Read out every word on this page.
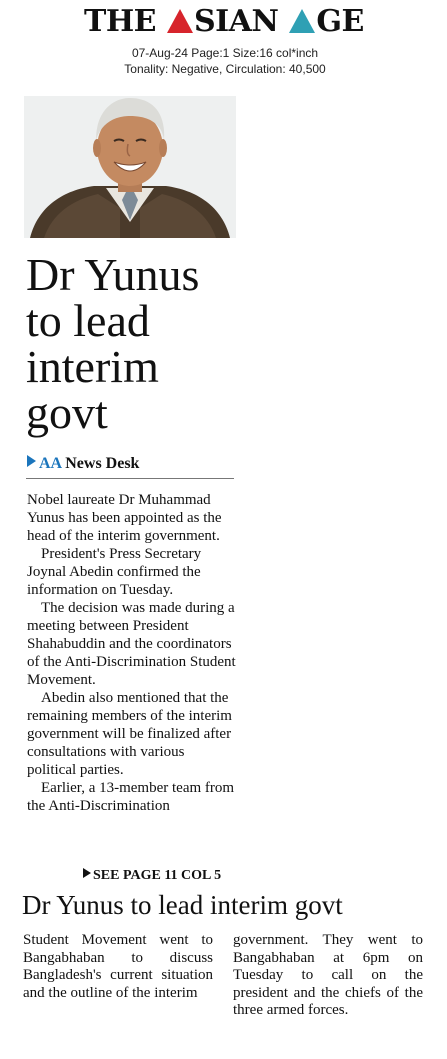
THE SIAN GE
07-Aug-24 Page:1 Size:16 col*inch
Tonality: Negative, Circulation: 40,500
Dr Yunus
to lead
interim
govt
AA News Desk

Nobel laureate Dr Muhammad Yunus has been appointed as the head of the interim government.

President's Press Secretary Joynal Abedin confirmed the information on Tuesday.

The decision was made during a meeting between President Shahabuddin and the coordinators of the Anti-Discrimination Student Movement.

Abedin also mentioned that the remaining members of the interim government will be finalized after consultations with various political parties.

Earlier, a 13-member team from the Anti-Discrimination

SEE PAGE 11 COL 5
Dr Yunus to lead interim govt

Student Movement went to Bangabhaban to discuss Bangladesh's current situation and the outline of the interim

government. They went to Bangabhaban at 6pm on Tuesday to call on the president and the chiefs of the three armed forces.
